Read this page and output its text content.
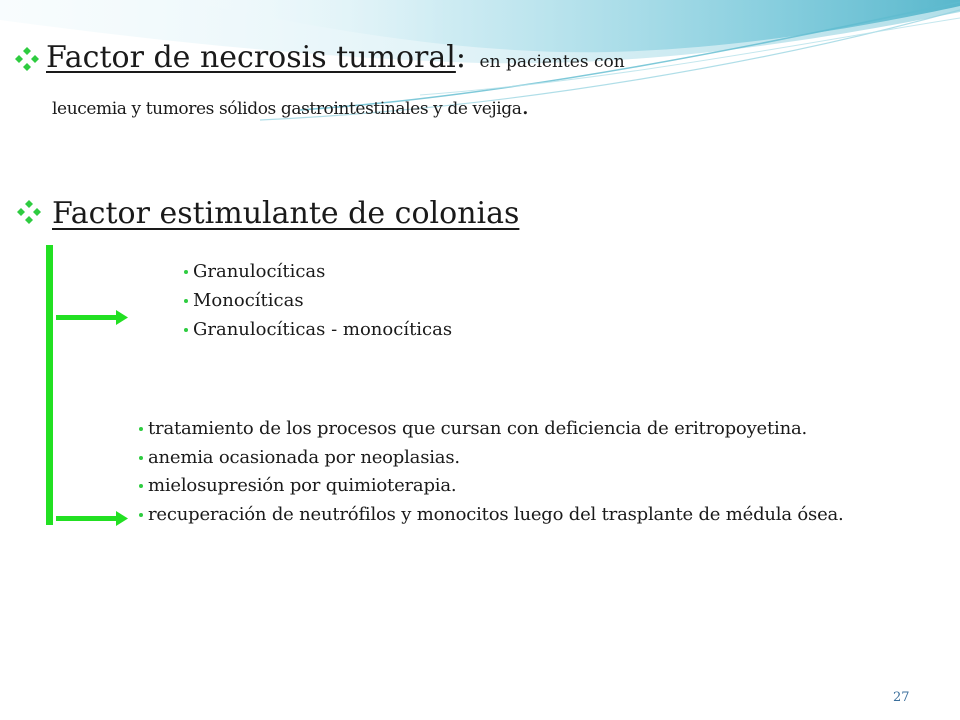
Factor de necrosis tumoral: en pacientes con
leucemia y tumores sólidos gastrointestinales y de vejiga.
Factor estimulante de colonias
Granulocíticas
Monocíticas
Granulocíticas - monocíticas
tratamiento de los procesos que cursan con deficiencia de eritropoyetina.
anemia ocasionada por neoplasias.
mielosupresión por quimioterapia.
recuperación de neutrófilos y monocitos luego del trasplante de médula ósea.
27
